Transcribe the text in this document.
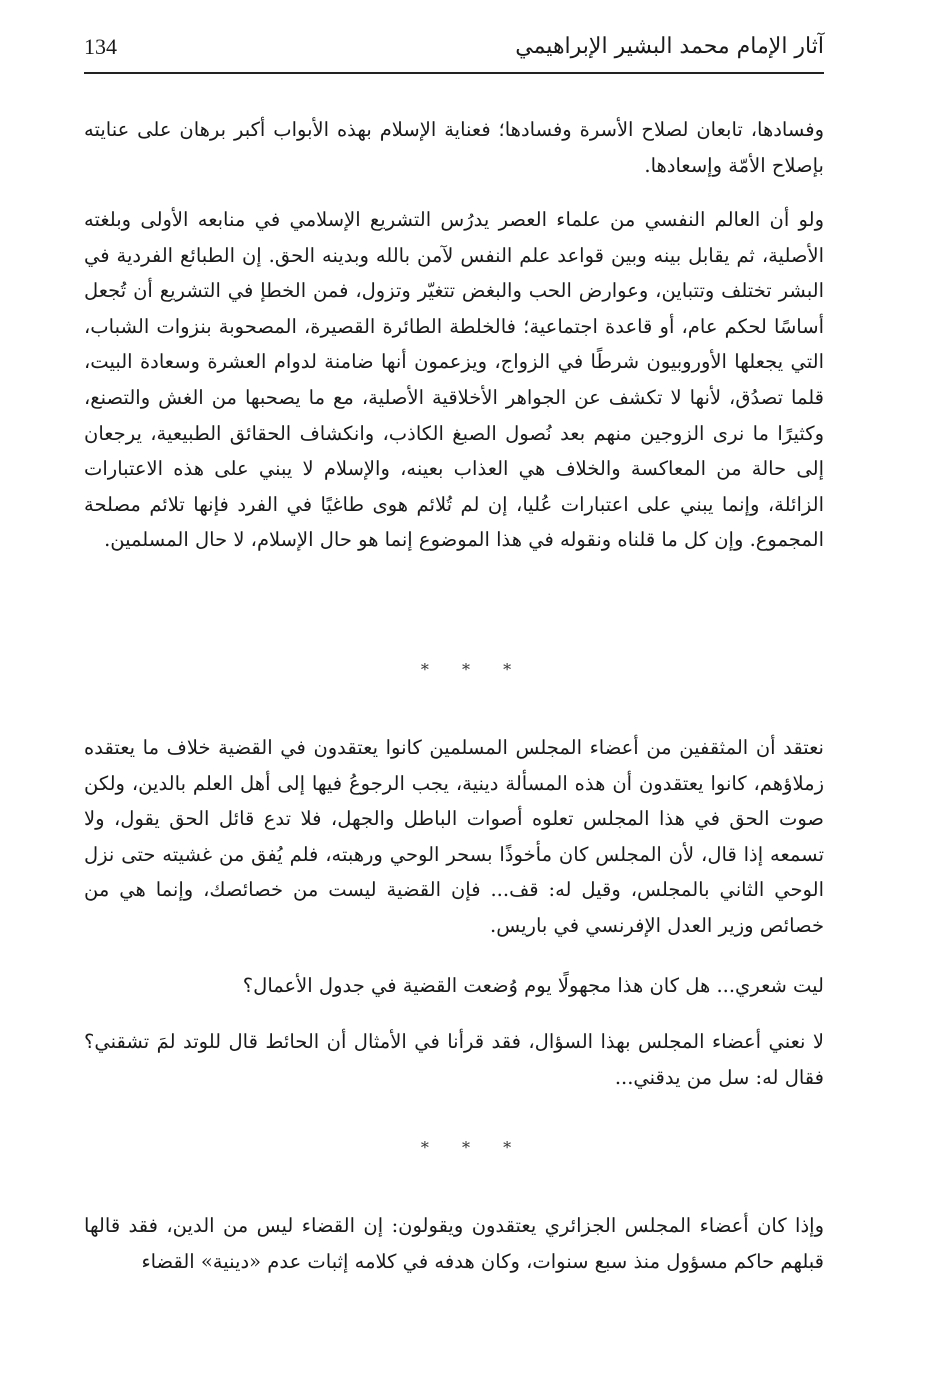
134	آثار الإمام محمد البشير الإبراهيمي

وفسادها، تابعان لصلاح الأسرة وفسادها؛ فعناية الإسلام بهذه الأبواب أكبر برهان على عنايته بإصلاح الأمّة وإسعادها.

ولو أن العالم النفسي من علماء العصر يدرُس التشريع الإسلامي في منابعه الأولى وبلغته الأصلية، ثم يقابل بينه وبين قواعد علم النفس لآمن بالله وبدينه الحق. إن الطبائع الفردية في البشر تختلف وتتباين، وعوارض الحب والبغض تتغيّر وتزول، فمن الخطإ في التشريع أن تُجعل أساسًا لحكم عام، أو قاعدة اجتماعية؛ فالخلطة الطائرة القصيرة، المصحوبة بنزوات الشباب، التي يجعلها الأوروبيون شرطًا في الزواج، ويزعمون أنها ضامنة لدوام العشرة وسعادة البيت، قلما تصدُق، لأنها لا تكشف عن الجواهر الأخلاقية الأصلية، مع ما يصحبها من الغش والتصنع، وكثيرًا ما نرى الزوجين منهم بعد نُصول الصبغ الكاذب، وانكشاف الحقائق الطبيعية، يرجعان إلى حالة من المعاكسة والخلاف هي العذاب بعينه، والإسلام لا يبني على هذه الاعتبارات الزائلة، وإنما يبني على اعتبارات عُليا، إن لم تُلائم هوى طاغيًا في الفرد فإنها تلائم مصلحة المجموع. وإن كل ما قلناه ونقوله في هذا الموضوع إنما هو حال الإسلام، لا حال المسلمين.

* * *

نعتقد أن المثقفين من أعضاء المجلس المسلمين كانوا يعتقدون في القضية خلاف ما يعتقده زملاؤهم، كانوا يعتقدون أن هذه المسألة دينية، يجب الرجوعُ فيها إلى أهل العلم بالدين، ولكن صوت الحق في هذا المجلس تعلوه أصوات الباطل والجهل، فلا تدع قائل الحق يقول، ولا تسمعه إذا قال، لأن المجلس كان مأخوذًا بسحر الوحي ورهبته، فلم يُفق من غشيته حتى نزل الوحي الثاني بالمجلس، وقيل له: قف... فإن القضية ليست من خصائصك، وإنما هي من خصائص وزير العدل الإفرنسي في باريس.

ليت شعري... هل كان هذا مجهولًا يوم وُضعت القضية في جدول الأعمال؟

لا نعني أعضاء المجلس بهذا السؤال، فقد قرأنا في الأمثال أن الحائط قال للوتد لمَ تشقني؟ فقال له: سل من يدقني...

* * *

وإذا كان أعضاء المجلس الجزائري يعتقدون ويقولون: إن القضاء ليس من الدين، فقد قالها قبلهم حاكم مسؤول منذ سبع سنوات، وكان هدفه في كلامه إثبات عدم «دينية» القضاء
